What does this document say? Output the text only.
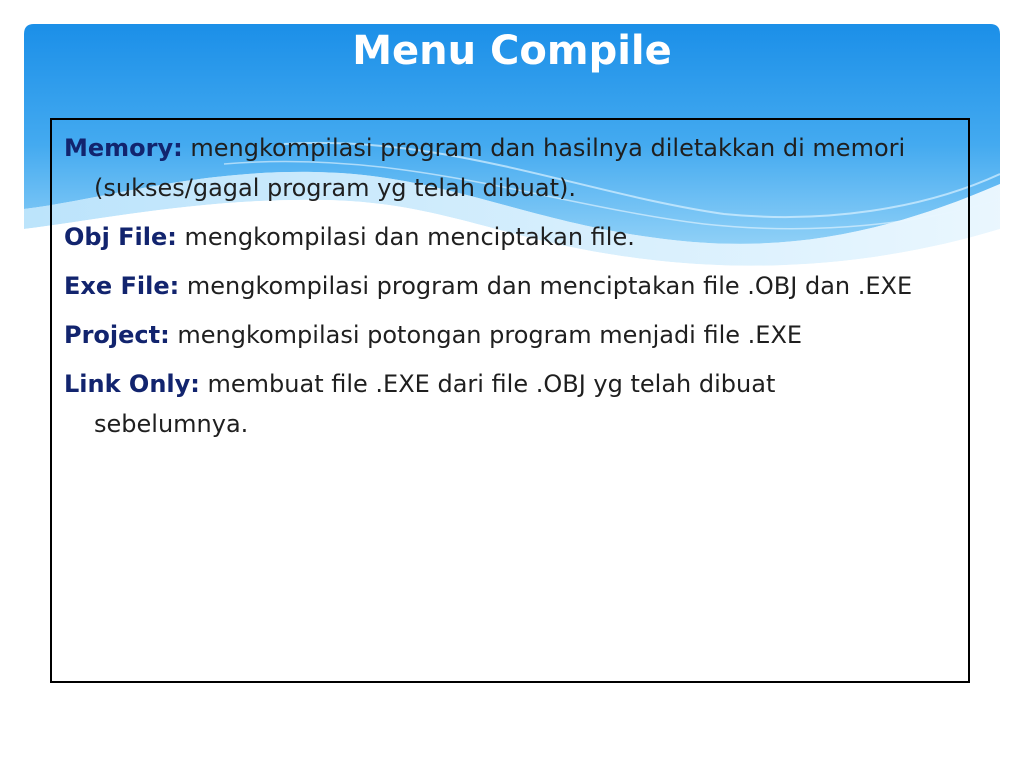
Menu Compile

Memory: mengkompilasi program dan hasilnya diletakkan di memori (sukses/gagal program yg telah dibuat).

Obj File: mengkompilasi dan menciptakan file.

Exe File: mengkompilasi program dan menciptakan file .OBJ dan .EXE

Project: mengkompilasi potongan program menjadi file .EXE

Link Only: membuat file .EXE dari file .OBJ yg telah dibuat sebelumnya.
